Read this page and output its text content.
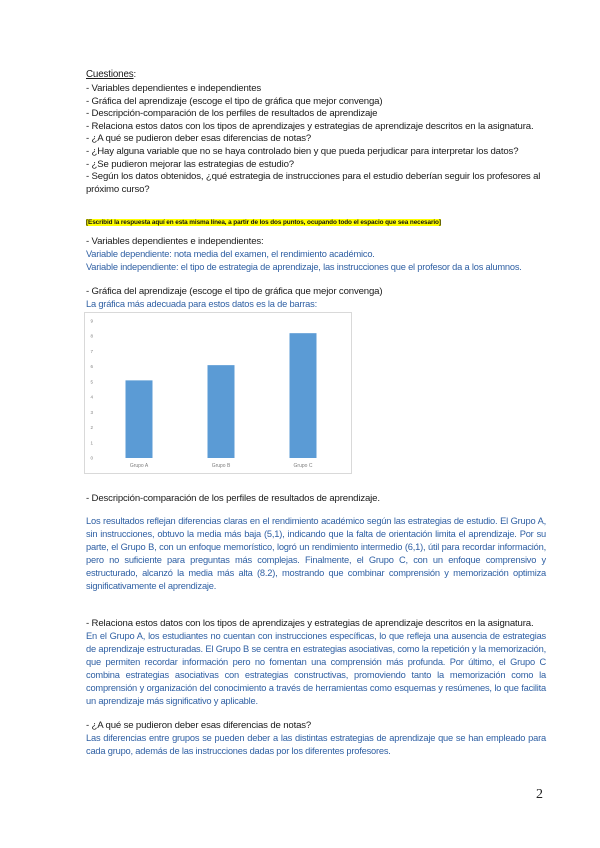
Cuestiones:
- Variables dependientes e independientes
- Gráfica del aprendizaje (escoge el tipo de gráfica que mejor convenga)
- Descripción-comparación de los perfiles de resultados de aprendizaje
- Relaciona estos datos con los tipos de aprendizajes y estrategias de aprendizaje descritos en la asignatura.
- ¿A qué se pudieron deber esas diferencias de notas?
- ¿Hay alguna variable que no se haya controlado bien y que pueda perjudicar para interpretar los datos?
- ¿Se pudieron mejorar las estrategias de estudio?
- Según los datos obtenidos, ¿qué estrategia de instrucciones para el estudio deberían seguir los profesores al próximo curso?
[Escribid la respuesta aquí en esta misma línea, a partir de los dos puntos, ocupando todo el espacio que sea necesario]
- Variables dependientes e independientes:
Variable dependiente: nota media del examen, el rendimiento académico.
Variable independiente: el tipo de estrategia de aprendizaje, las instrucciones que el profesor da a los alumnos.
- Gráfica del aprendizaje (escoge el tipo de gráfica que mejor convenga)
La gráfica más adecuada para estos datos es la de barras:
0
1
2
3
4
5
6
7
8
9
Grupo A	Grupo B	Grupo C
- Descripción-comparación de los perfiles de resultados de aprendizaje.
Los resultados reflejan diferencias claras en el rendimiento académico según las estrategias de estudio. El Grupo A, sin instrucciones, obtuvo la media más baja (5,1), indicando que la falta de orientación limita el aprendizaje. Por su parte, el Grupo B, con un enfoque memorístico, logró un rendimiento intermedio (6,1), útil para recordar información, pero no suficiente para preguntas más complejas. Finalmente, el Grupo C, con un enfoque comprensivo y estructurado, alcanzó la media más alta (8.2), mostrando que combinar comprensión y memorización optimiza significativamente el aprendizaje.
- Relaciona estos datos con los tipos de aprendizajes y estrategias de aprendizaje descritos en la asignatura.
En el Grupo A, los estudiantes no cuentan con instrucciones específicas, lo que refleja una ausencia de estrategias de aprendizaje estructuradas. El Grupo B se centra en estrategias asociativas, como la repetición y la memorización, que permiten recordar información pero no fomentan una comprensión más profunda. Por último, el Grupo C combina estrategias asociativas con estrategias constructivas, promoviendo tanto la memorización como la comprensión y organización del conocimiento a través de herramientas como esquemas y resúmenes, lo que facilita un aprendizaje más significativo y aplicable.
- ¿A qué se pudieron deber esas diferencias de notas?
Las diferencias entre grupos se pueden deber a las distintas estrategias de aprendizaje que se han empleado para cada grupo, además de las instrucciones dadas por los diferentes profesores.
2
